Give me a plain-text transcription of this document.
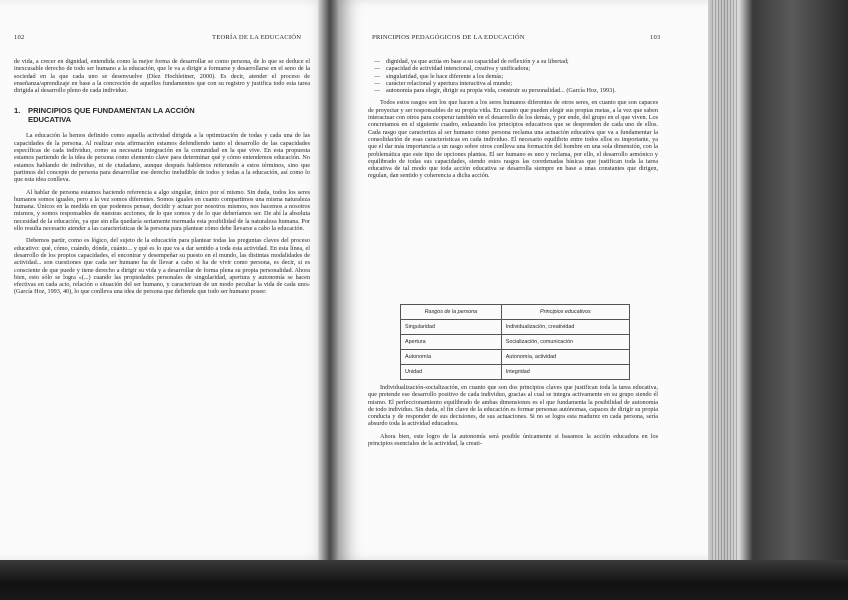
102	TEORÍA DE LA EDUCACIÓN

de vida, a crecer en dignidad, entendida como la mejor forma de desarrollar se como persona, de lo que se deduce el inexcusable derecho de todo ser humano a la educación, que le va a dirigir a formarse y desarrollarse en el seno de la sociedad en la que cada uno se desenvuelve (Díez Hochleitner, 2000). Es decir, atender el proceso de enseñanza/aprendizaje en base a la concreción de aquellos fundamentos que con su registro y justifica todo esta tarea dirigida al desarrollo pleno de cada individuo.

1. PRINCIPIOS QUE FUNDAMENTAN LA ACCIÓN
EDUCATIVA

La educación la hemos definido como aquella actividad dirigida a la optimización de todas y cada una de las capacidades de la persona. Al realizar esta afirmación estamos defendiendo tanto el desarrollo de las capacidades específicas de cada individuo, como su necesaria integración en la comunidad en la que vive. En esta propuesta estamos partiendo de la idea de persona como elemento clave para determinar qué y cómo entendemos educación. No estamos hablando de individuo, ni de ciudadano, aunque después hablemos reiterando a estos términos, sino que partimos del concepto de persona para desarrollar ese derecho ineludible de todos y todas a la educación, así como lo que esta idea conlleva.

Al hablar de persona estamos haciendo referencia a algo singular, único por sí mismo. Sin duda, todos los seres humanos somos iguales, pero a la vez somos diferentes. Somos iguales en cuanto compartimos una misma naturaleza humana. Únicos en la medida en que podemos pensar, decidir y actuar por nosotros mismos, nos hacemos a nosotros mismos, y somos responsables de nuestras acciones, de lo que somos y de lo que deberíamos ser. De ahí la absoluta necesidad de la educación, ya que sin ella quedaría seriamente mermada esta posibilidad de la naturaleza humana. Por ello resulta necesario atender a las características de la persona para plantear cómo debe llevarse a cabo la educación.

Debemos partir, como es lógico, del sujeto de la educación para plantear todas las preguntas claves del proceso educativo: qué, cómo, cuándo, dónde, cuánto... y qué es lo que va a dar sentido a toda esta actividad. En esta línea, el desarrollo de los propios capacidades, el encontrar y desempeñar su puesto en el mundo, las distintas modalidades de actividad... son cuestiones que cada ser humano ha de llevar a cabo si ha de vivir como persona, es decir, si es consciente de que puede y tiene derecho a dirigir su vida y a desarrollar de forma plena su propia personalidad. Ahora bien, esto sólo se logra «(...) cuando las propiedades personales de singularidad, apertura y autonomía se hacen efectivas en cada acto, relación o situación del ser humano, y caracterizan de un modo peculiar la vida de cada uno» (García Hoz, 1993, 40), lo que conlleva una idea de persona que defiende que todo ser humano posee:

PRINCIPIOS PEDAGÓGICOS DE LA EDUCACIÓN	103
— dignidad, ya que actúa en base a su capacidad de reflexión y a su libertad;
— capacidad de actividad intencional, creativa y unificadora;
— singularidad, que le hace diferente a los demás;
— carácter relacional y apertura interactiva al mundo;
— autonomía para elegir, dirigir su propia vida, construir su personalidad... (García Hoz, 1993).

Todos estos rasgos son los que hacen a los seres humanos diferentes de otros seres, en cuanto que son capaces de proyectar y ser responsables de su propia vida. En cuanto que pueden elegir sus propias metas, a la vez que saben interactuar con otros para cooperar también en el desarrollo de los demás, y por ende, del grupo en el que viven. Los concretamos en el siguiente cuadro, enlazando los principios educativos que se desprenden de cada uno de ellos. Cada rasgo que caracteriza al ser humano como persona reclama una actuación educativa que va a fundamentar la consolidación de esas características en cada individuo. El necesario equilibrio entre todos ellos es importante, ya que el dar más importancia a un rasgo sobre otros conlleva una formación del hombre en una sola dimensión, con la problemática que este tipo de opciones plantea. El ser humano es uno y reclama, por ello, el desarrollo armónico y equilibrado de todas sus capacidades, siendo estos rasgos las coordenadas básicas que justifican toda la tarea educativa de tal modo que toda acción educativa se desarrolla siempre en base a unas constantes que dirigen, regulan, dan sentido y coherencia a dicha acción.

Rasgos de la persona	Principios educativos
Singularidad	Individualización, creatividad
Apertura	Socialización, comunicación
Autonomía	Autonomía, actividad
Unidad	Integridad

Individualización-socialización, en cuanto que son dos principios claves que justifican toda la tarea educativa, que pretende ese desarrollo positivo de cada individuo, gracias al cual se integra activamente en su grupo siendo él mismo. El perfeccionamiento equilibrado de ambas dimensiones es el que fundamenta la posibilidad de autonomía de todo individuo. Sin duda, el fin clave de la educación es formar personas autónomas, capaces de dirigir su propia conducta y de responder de sus decisiones, de sus actuaciones. Si no se logra esta madurez en cada persona, sería absurdo toda la actividad educadora.

Ahora bien, este logro de la autonomía será posible únicamente si basamos la acción educadora en los principios esenciales de la actividad, la creati-
